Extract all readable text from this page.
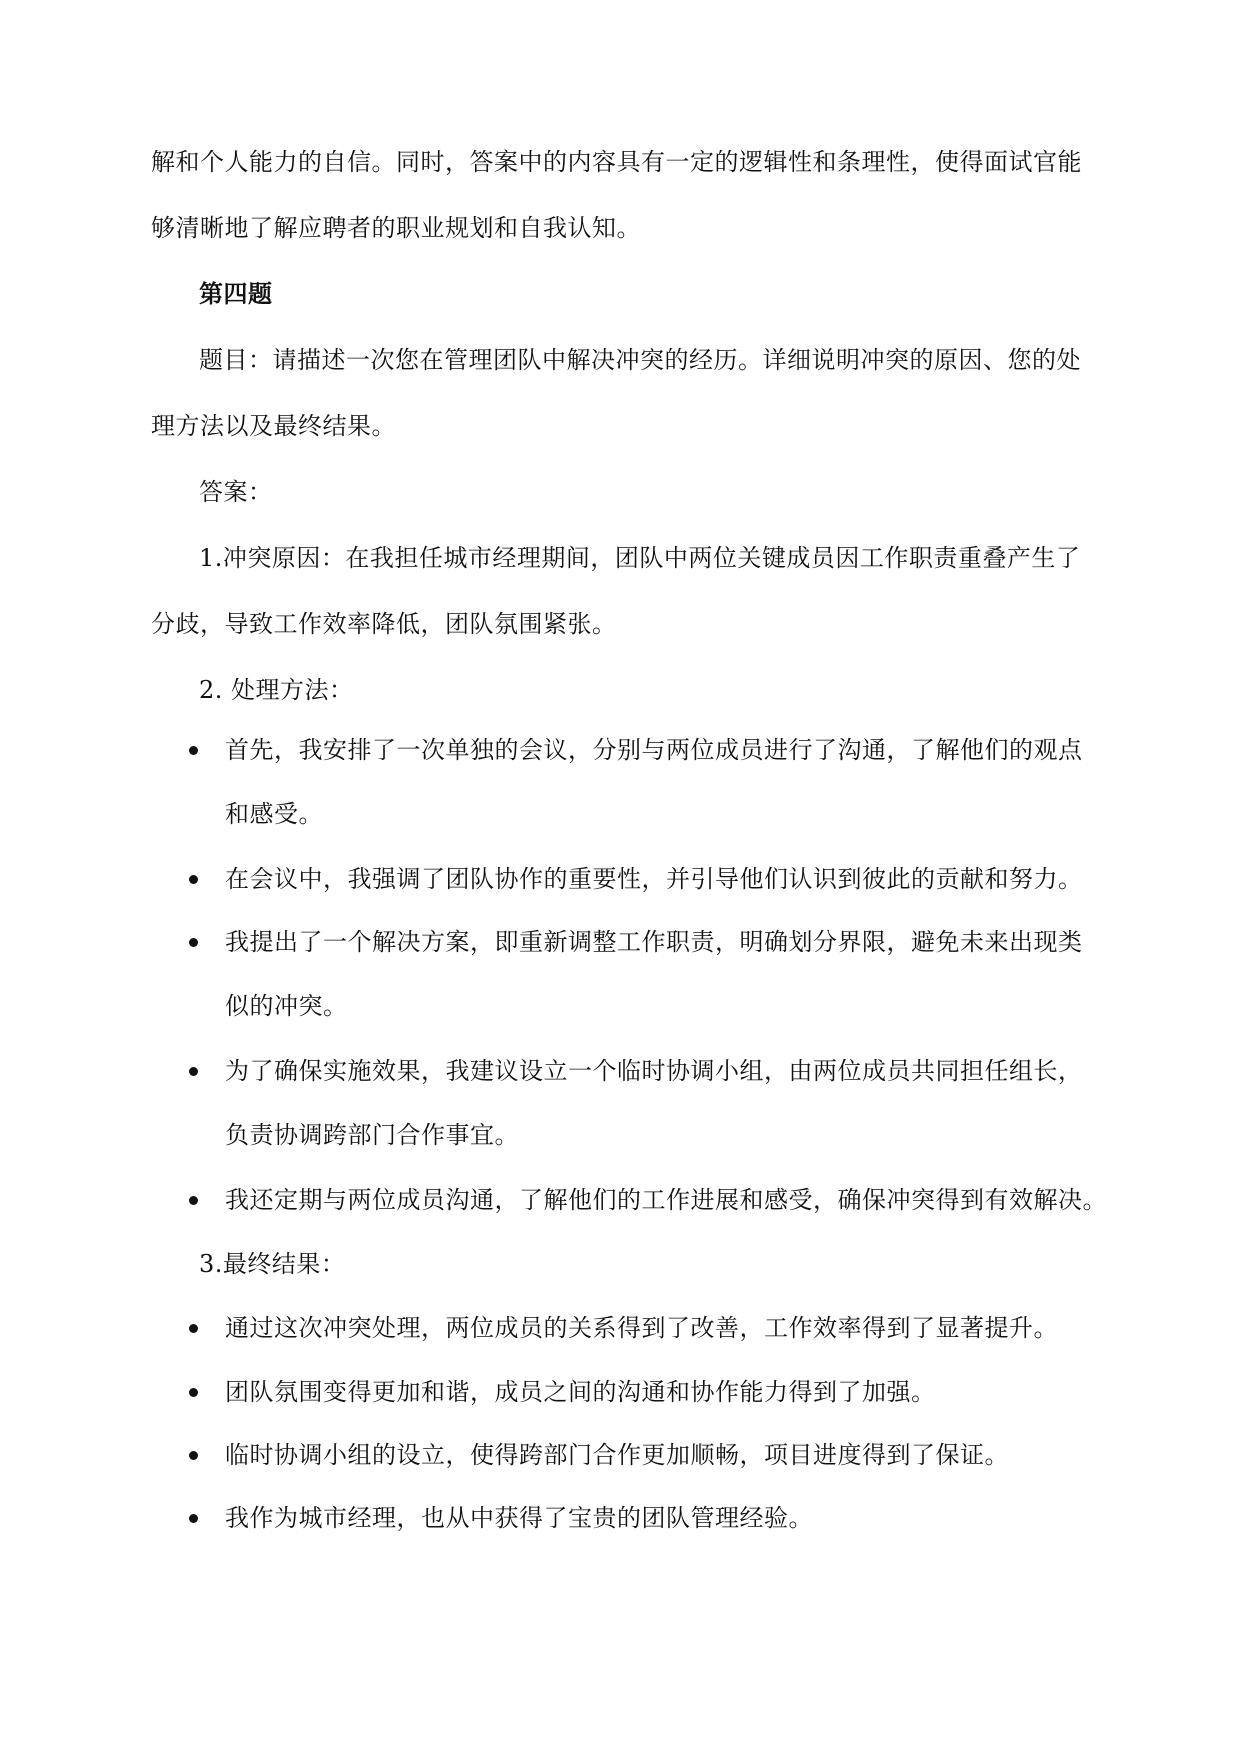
解和个人能力的自信。同时，答案中的内容具有一定的逻辑性和条理性，使得面试官能
够清晰地了解应聘者的职业规划和自我认知。
第四题
题目：请描述一次您在管理团队中解决冲突的经历。详细说明冲突的原因、您的处
理方法以及最终结果。
答案：
1.冲突原因：在我担任城市经理期间，团队中两位关键成员因工作职责重叠产生了
分歧，导致工作效率降低，团队氛围紧张。
2. 处理方法：
首先，我安排了一次单独的会议，分别与两位成员进行了沟通，了解他们的观点
和感受。
在会议中，我强调了团队协作的重要性，并引导他们认识到彼此的贡献和努力。
我提出了一个解决方案，即重新调整工作职责，明确划分界限，避免未来出现类
似的冲突。
为了确保实施效果，我建议设立一个临时协调小组，由两位成员共同担任组长，
负责协调跨部门合作事宜。
我还定期与两位成员沟通，了解他们的工作进展和感受，确保冲突得到有效解决。
3.最终结果：
通过这次冲突处理，两位成员的关系得到了改善，工作效率得到了显著提升。
团队氛围变得更加和谐，成员之间的沟通和协作能力得到了加强。
临时协调小组的设立，使得跨部门合作更加顺畅，项目进度得到了保证。
我作为城市经理，也从中获得了宝贵的团队管理经验。
